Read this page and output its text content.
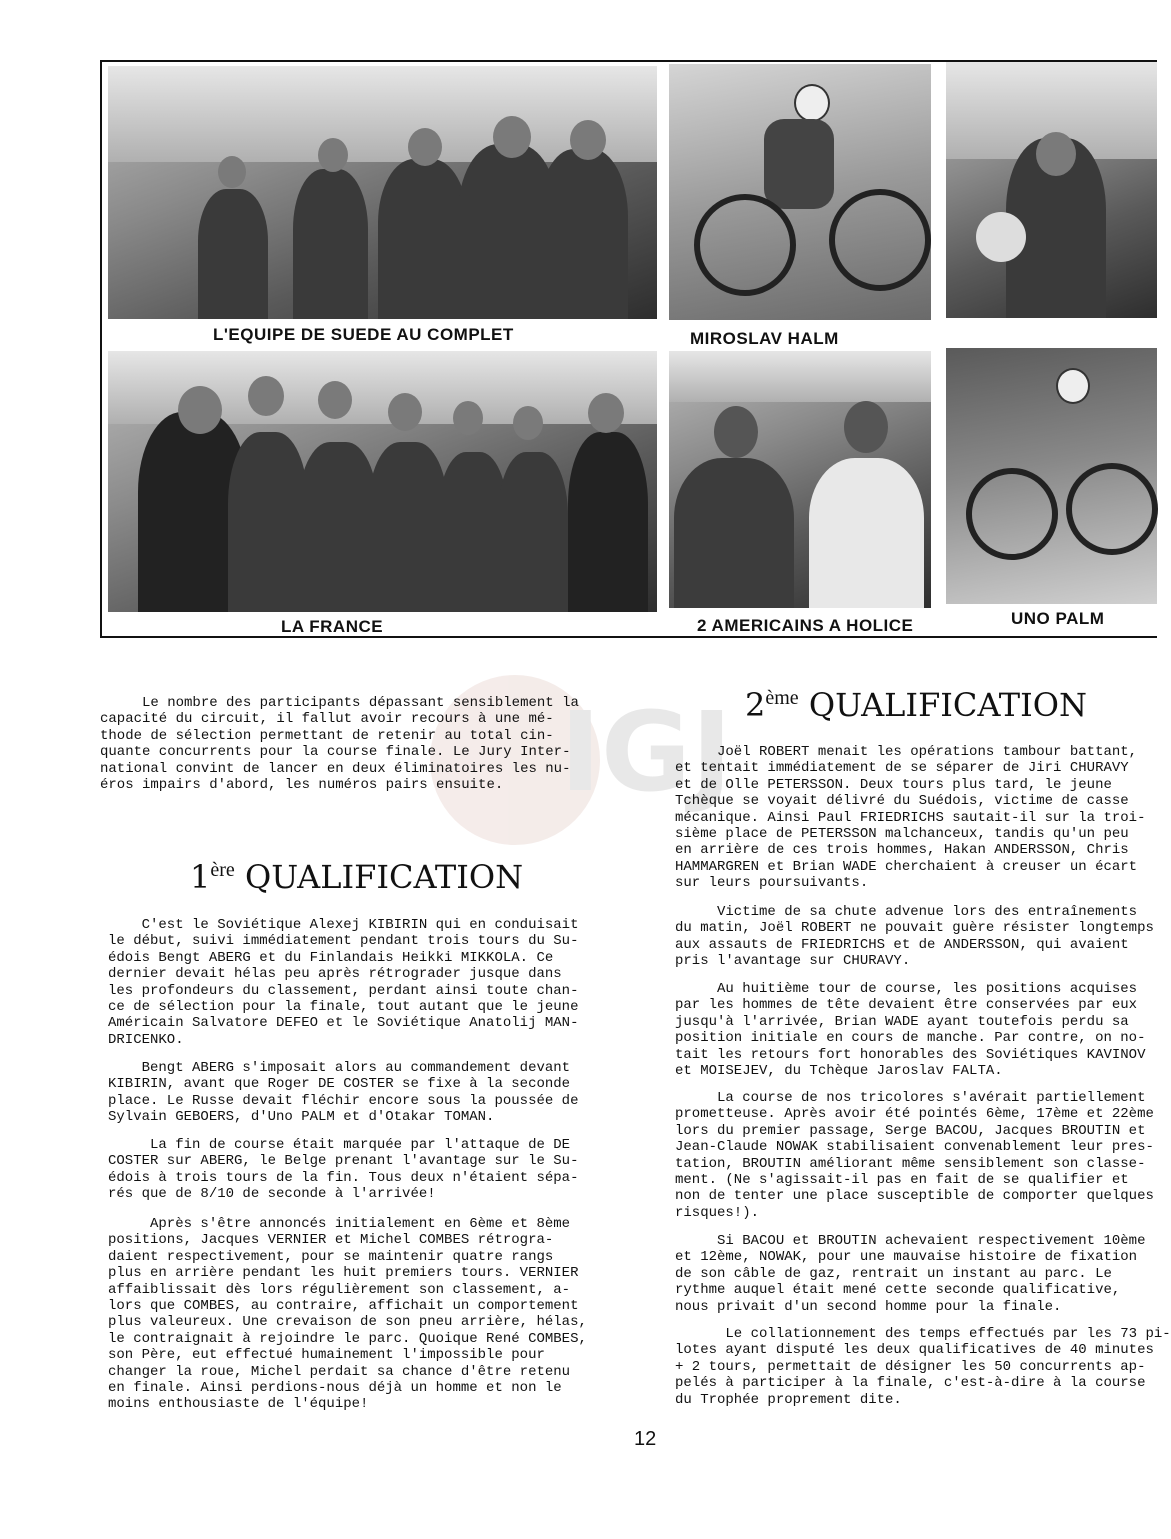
L'EQUIPE DE SUEDE AU COMPLET	MIROSLAV HALM
LA FRANCE	2 AMERICAINS A HOLICE	UNO PALM
IGJ
Le nombre des participants dépassant sensiblement la
capacité du circuit, il fallut avoir recours à une mé-
thode de sélection permettant de retenir au total cin-
quante concurrents pour la course finale. Le Jury Inter-
national convint de lancer en deux éliminatoires les nu-
éros impairs d'abord, les numéros pairs ensuite.
1ère QUALIFICATION
C'est le Soviétique Alexej KIBIRIN qui en conduisait
le début, suivi immédiatement pendant trois tours du Su-
édois Bengt ABERG et du Finlandais Heikki MIKKOLA. Ce
dernier devait hélas peu après rétrograder jusque dans
les profondeurs du classement, perdant ainsi toute chan-
ce de sélection pour la finale, tout autant que le jeune
Américain Salvatore DEFEO et le Soviétique Anatolij MAN-
DRICENKO.
Bengt ABERG s'imposait alors au commandement devant
KIBIRIN, avant que Roger DE COSTER se fixe à la seconde
place. Le Russe devait fléchir encore sous la poussée de
Sylvain GEBOERS, d'Uno PALM et d'Otakar TOMAN.
La fin de course était marquée par l'attaque de DE
COSTER sur ABERG, le Belge prenant l'avantage sur le Su-
édois à trois tours de la fin. Tous deux n'étaient sépa-
rés que de 8/10 de seconde à l'arrivée!
Après s'être annoncés initialement en 6ème et 8ème
positions, Jacques VERNIER et Michel COMBES rétrogra-
daient respectivement, pour se maintenir quatre rangs
plus en arrière pendant les huit premiers tours. VERNIER
affaiblissait dès lors régulièrement son classement, a-
lors que COMBES, au contraire, affichait un comportement
plus valeureux. Une crevaison de son pneu arrière, hélas,
le contraignait à rejoindre le parc. Quoique René COMBES,
son Père, eut effectué humainement l'impossible pour
changer la roue, Michel perdait sa chance d'être retenu
en finale. Ainsi perdions-nous déjà un homme et non le
moins enthousiaste de l'équipe!
2ème QUALIFICATION
Joël ROBERT menait les opérations tambour battant,
et tentait immédiatement de se séparer de Jiri CHURAVY
et de Olle PETERSSON. Deux tours plus tard, le jeune
Tchèque se voyait délivré du Suédois, victime de casse
mécanique. Ainsi Paul FRIEDRICHS sautait-il sur la troi-
sième place de PETERSSON malchanceux, tandis qu'un peu
en arrière de ces trois hommes, Hakan ANDERSSON, Chris
HAMMARGREN et Brian WADE cherchaient à creuser un écart
sur leurs poursuivants.
Victime de sa chute advenue lors des entraînements
du matin, Joël ROBERT ne pouvait guère résister longtemps
aux assauts de FRIEDRICHS et de ANDERSSON, qui avaient
pris l'avantage sur CHURAVY.
Au huitième tour de course, les positions acquises
par les hommes de tête devaient être conservées par eux
jusqu'à l'arrivée, Brian WADE ayant toutefois perdu sa
position initiale en cours de manche. Par contre, on no-
tait les retours fort honorables des Soviétiques KAVINOV
et MOISEJEV, du Tchèque Jaroslav FALTA.
La course de nos tricolores s'avérait partiellement
prometteuse. Après avoir été pointés 6ème, 17ème et 22ème
lors du premier passage, Serge BACOU, Jacques BROUTIN et
Jean-Claude NOWAK stabilisaient convenablement leur pres-
tation, BROUTIN améliorant même sensiblement son classe-
ment. (Ne s'agissait-il pas en fait de se qualifier et
non de tenter une place susceptible de comporter quelques
risques!).
Si BACOU et BROUTIN achevaient respectivement 10ème
et 12ème, NOWAK, pour une mauvaise histoire de fixation
de son câble de gaz, rentrait un instant au parc. Le
rythme auquel était mené cette seconde qualificative,
nous privait d'un second homme pour la finale.
Le collationnement des temps effectués par les 73 pi-
lotes ayant disputé les deux qualificatives de 40 minutes
+ 2 tours, permettait de désigner les 50 concurrents ap-
pelés à participer à la finale, c'est-à-dire à la course
du Trophée proprement dite.
12
